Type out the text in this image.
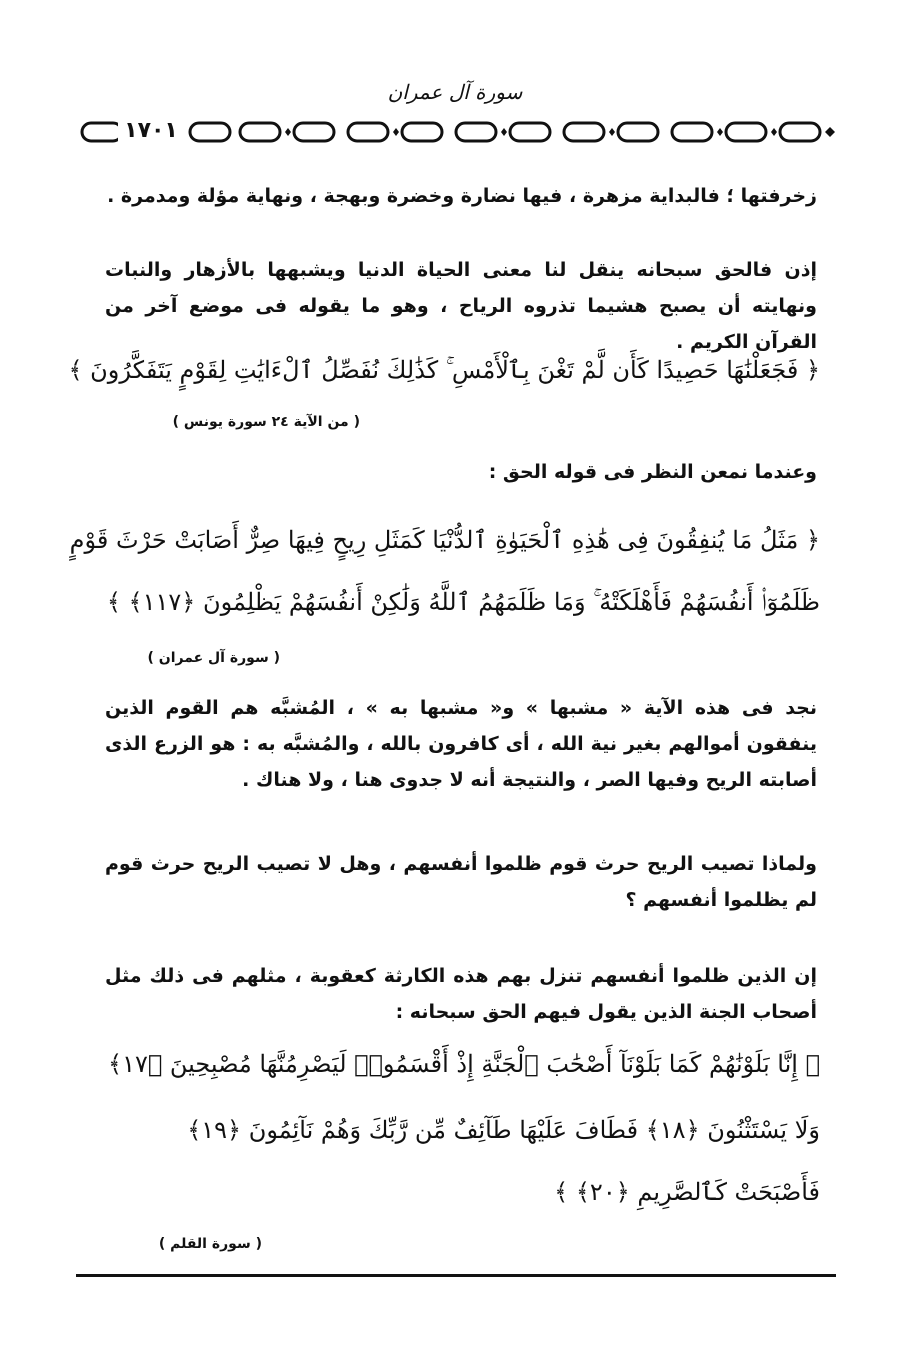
سورة آل عمران
١٧٠١

زخرفتها ؛ فالبداية مزهرة ، فيها نضارة وخضرة وبهجة ، ونهاية مؤلة ومدمرة .

إذن فالحق سبحانه ينقل لنا معنى الحياة الدنيا ويشبهها بالأزهار والنبات ونهايته أن يصبح هشيما تذروه الرياح ، وهو ما يقوله فى موضع آخر من القرآن الكريم .

﴿ فَجَعَلْنَٰهَا حَصِيدًا كَأَن لَّمْ تَغْنَ بِٱلْأَمْسِ ۚ كَذَٰلِكَ نُفَصِّلُ ٱلْءَايَٰتِ لِقَوْمٍ يَتَفَكَّرُونَ ﴾

( من الآية ٢٤ سورة يونس )

وعندما نمعن النظر فى قوله الحق :

﴿ مَثَلُ مَا يُنفِقُونَ فِى هَٰذِهِ ٱلْحَيَوٰةِ ٱلدُّنْيَا كَمَثَلِ رِيحٍ فِيهَا صِرٌّ أَصَابَتْ حَرْثَ قَوْمٍ

ظَلَمُوٓا۟ أَنفُسَهُمْ فَأَهْلَكَتْهُ ۚ وَمَا ظَلَمَهُمُ ٱللَّهُ وَلَٰكِنْ أَنفُسَهُمْ يَظْلِمُونَ ﴿١١٧﴾ ﴾

( سورة آل عمران )

نجد فى هذه الآية « مشبها » و« مشبها به » ، المُشبَّه هم القوم الذين ينفقون أموالهم بغير نية الله ، أى كافرون بالله ، والمُشبَّه به : هو الزرع الذى أصابته الريح وفيها الصر ، والنتيجة أنه لا جدوى هنا ، ولا هناك .

ولماذا تصيب الريح حرث قوم ظلموا أنفسهم ، وهل لا تصيب الريح حرث قوم لم يظلموا أنفسهم ؟

إن الذين ظلموا أنفسهم تنزل بهم هذه الكارثة كعقوبة ، مثلهم فى ذلك مثل أصحاب الجنة الذين يقول فيهم الحق سبحانه :

﴿ إِنَّا بَلَوْنَٰهُمْ كَمَا بَلَوْنَآ أَصْحَٰبَ ٱلْجَنَّةِ إِذْ أَقْسَمُوا۟ لَيَصْرِمُنَّهَا مُصْبِحِينَ ﴿١٧﴾

وَلَا يَسْتَثْنُونَ ﴿١٨﴾ فَطَافَ عَلَيْهَا طَآئِفٌ مِّن رَّبِّكَ وَهُمْ نَآئِمُونَ ﴿١٩﴾

فَأَصْبَحَتْ كَٱلصَّرِيمِ ﴿٢٠﴾ ﴾

( سورة القلم )
